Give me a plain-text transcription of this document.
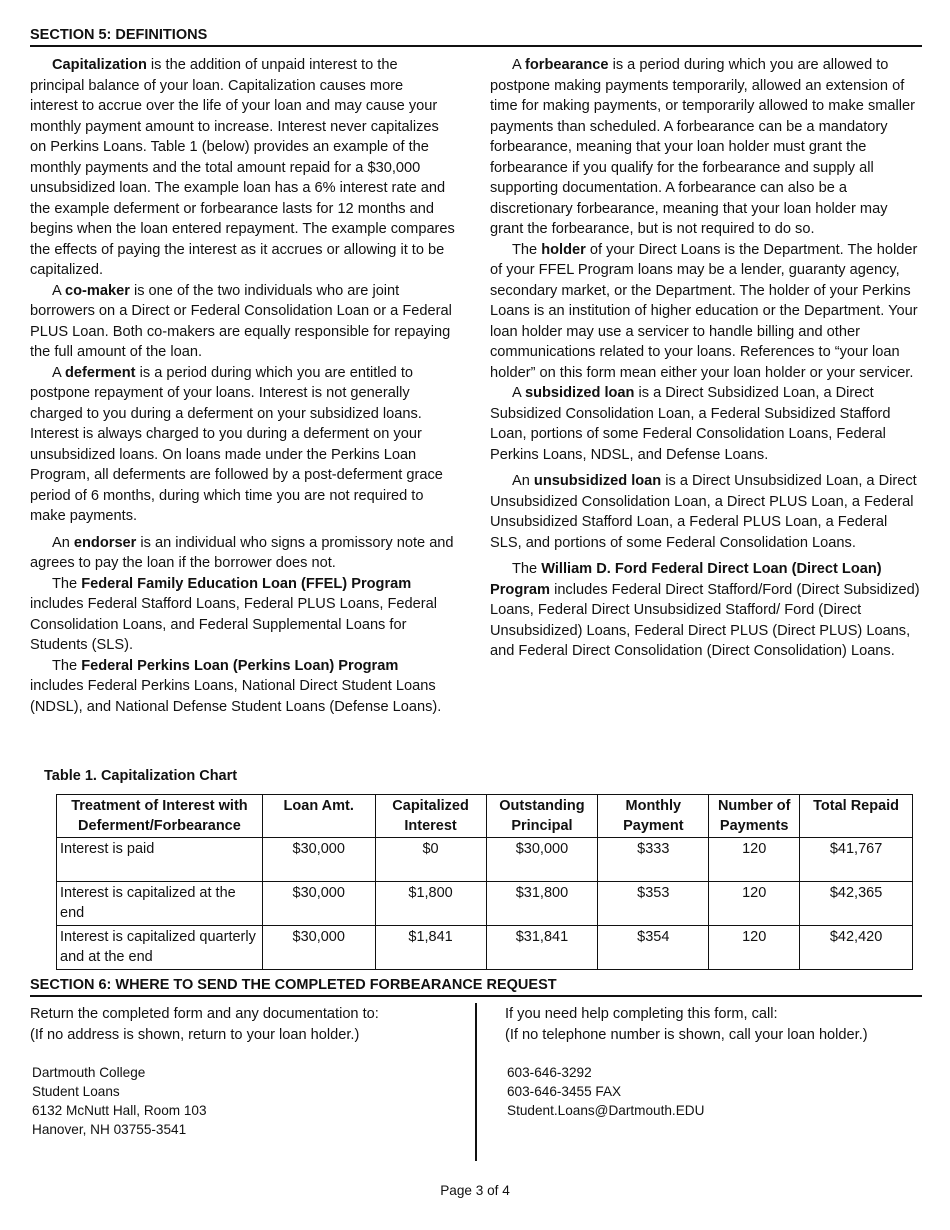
SECTION 5: DEFINITIONS

Capitalization is the addition of unpaid interest to the principal balance of your loan. Capitalization causes more interest to accrue over the life of your loan and may cause your monthly payment amount to increase. Interest never capitalizes on Perkins Loans. Table 1 (below) provides an example of the monthly payments and the total amount repaid for a $30,000 unsubsidized loan. The example loan has a 6% interest rate and the example deferment or forbearance lasts for 12 months and begins when the loan entered repayment. The example compares the effects of paying the interest as it accrues or allowing it to be capitalized.

A co-maker is one of the two individuals who are joint borrowers on a Direct or Federal Consolidation Loan or a Federal PLUS Loan. Both co-makers are equally responsible for repaying the full amount of the loan.

A deferment is a period during which you are entitled to postpone repayment of your loans. Interest is not generally charged to you during a deferment on your subsidized loans. Interest is always charged to you during a deferment on your unsubsidized loans. On loans made under the Perkins Loan Program, all deferments are followed by a post-deferment grace period of 6 months, during which time you are not required to make payments.

An endorser is an individual who signs a promissory note and agrees to pay the loan if the borrower does not.

The Federal Family Education Loan (FFEL) Program includes Federal Stafford Loans, Federal PLUS Loans, Federal Consolidation Loans, and Federal Supplemental Loans for Students (SLS).

The Federal Perkins Loan (Perkins Loan) Program includes Federal Perkins Loans, National Direct Student Loans (NDSL), and National Defense Student Loans (Defense Loans).

A forbearance is a period during which you are allowed to postpone making payments temporarily, allowed an extension of time for making payments, or temporarily allowed to make smaller payments than scheduled. A forbearance can be a mandatory forbearance, meaning that your loan holder must grant the forbearance if you qualify for the forbearance and supply all supporting documentation. A forbearance can also be a discretionary forbearance, meaning that your loan holder may grant the forbearance, but is not required to do so.

The holder of your Direct Loans is the Department. The holder of your FFEL Program loans may be a lender, guaranty agency, secondary market, or the Department. The holder of your Perkins Loans is an institution of higher education or the Department. Your loan holder may use a servicer to handle billing and other communications related to your loans. References to “your loan holder” on this form mean either your loan holder or your servicer.

A subsidized loan is a Direct Subsidized Loan, a Direct Subsidized Consolidation Loan, a Federal Subsidized Stafford Loan, portions of some Federal Consolidation Loans, Federal Perkins Loans, NDSL, and Defense Loans.

An unsubsidized loan is a Direct Unsubsidized Loan, a Direct Unsubsidized Consolidation Loan, a Direct PLUS Loan, a Federal Unsubsidized Stafford Loan, a Federal PLUS Loan, a Federal SLS, and portions of some Federal Consolidation Loans.

The William D. Ford Federal Direct Loan (Direct Loan) Program includes Federal Direct Stafford/Ford (Direct Subsidized) Loans, Federal Direct Unsubsidized Stafford/ Ford (Direct Unsubsidized) Loans, Federal Direct PLUS (Direct PLUS) Loans, and Federal Direct Consolidation (Direct Consolidation) Loans.

Table 1. Capitalization Chart
Treatment of Interest with Deferment/Forbearance	Loan Amt.	Capitalized Interest	Outstanding Principal	Monthly Payment	Number of Payments	Total Repaid
Interest is paid	$30,000	$0	$30,000	$333	120	$41,767
Interest is capitalized at the end	$30,000	$1,800	$31,800	$353	120	$42,365
Interest is capitalized quarterly and at the end	$30,000	$1,841	$31,841	$354	120	$42,420
SECTION 6: WHERE TO SEND THE COMPLETED FORBEARANCE REQUEST
Return the completed form and any documentation to:
(If no address is shown, return to your loan holder.)
Dartmouth College
Student Loans
6132 McNutt Hall, Room 103
Hanover, NH 03755-3541
If you need help completing this form, call:
(If no telephone number is shown, call your loan holder.)
603-646-3292
603-646-3455 FAX
Student.Loans@Dartmouth.EDU
Page 3 of 4
